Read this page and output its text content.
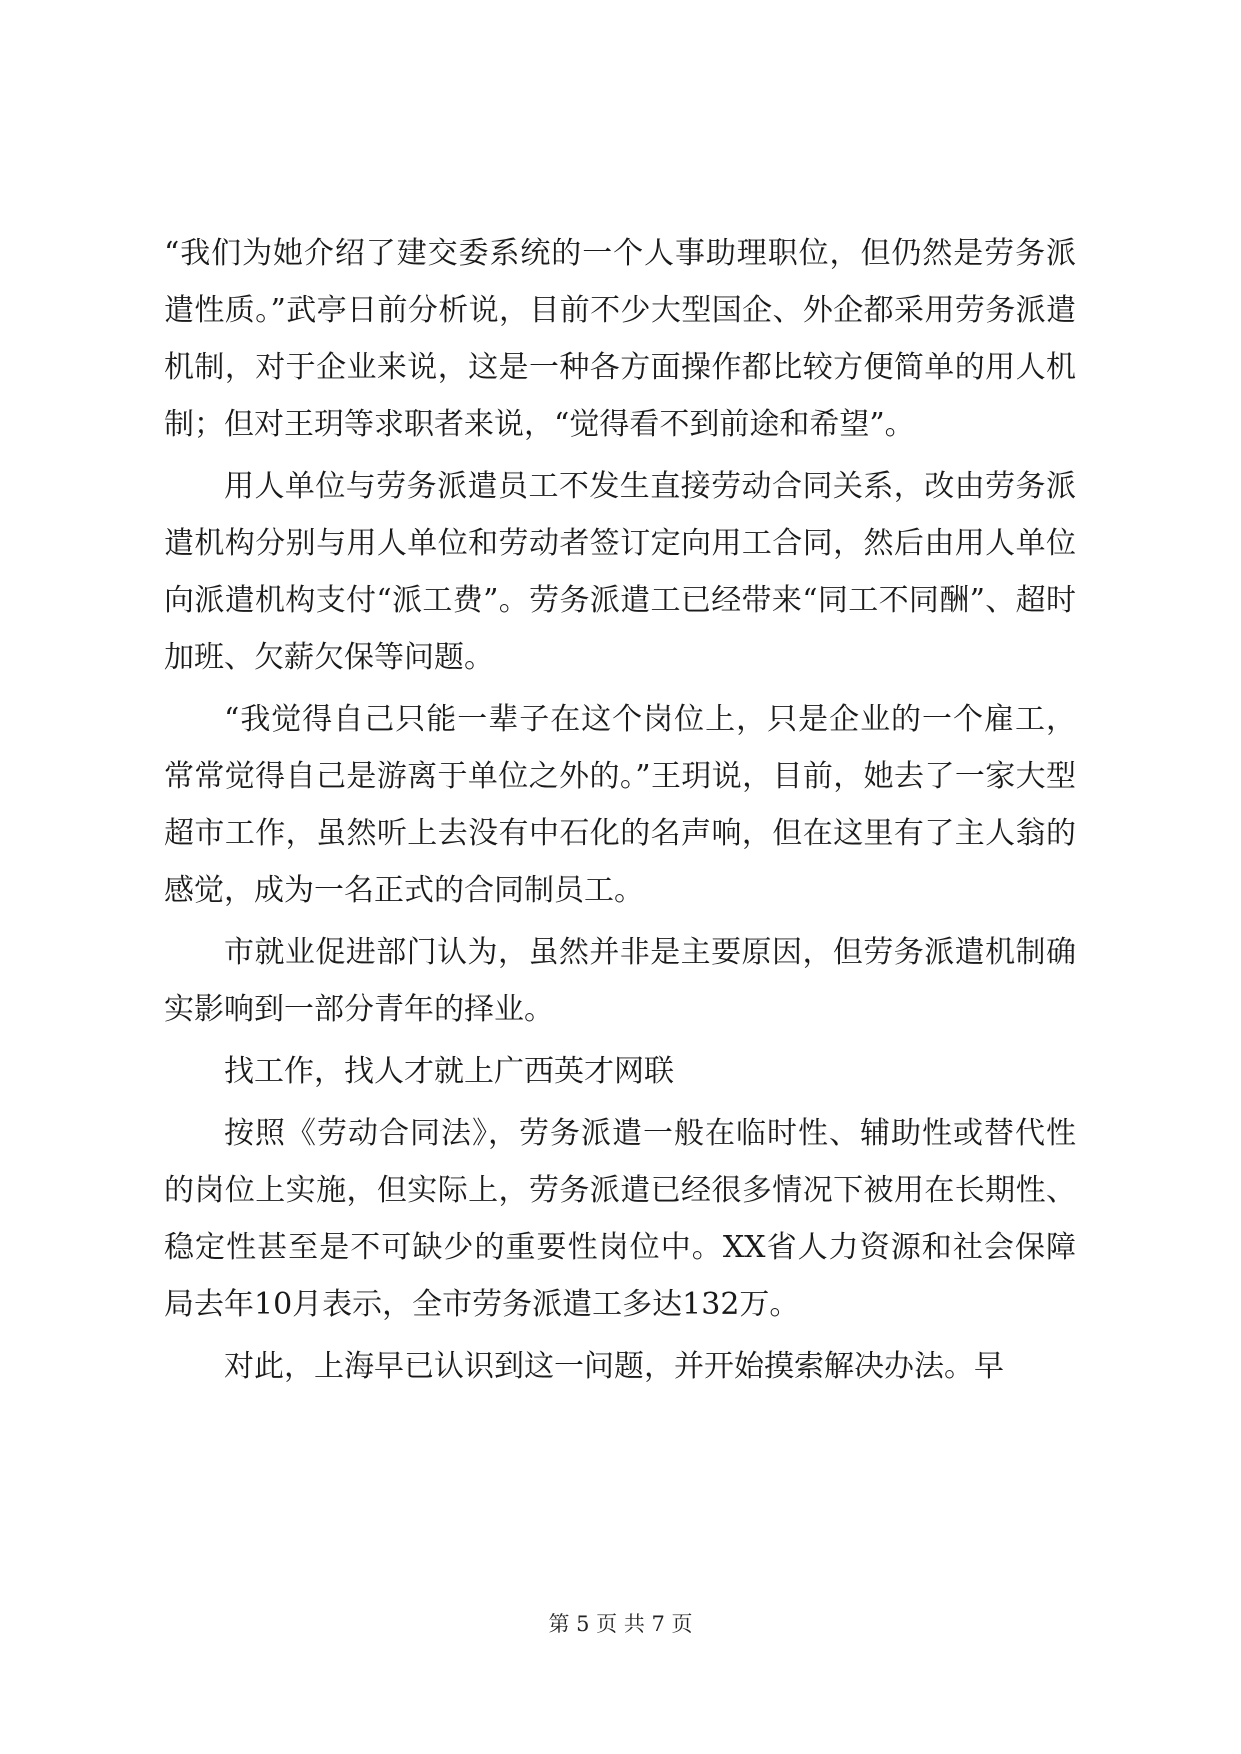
“我们为她介绍了建交委系统的一个人事助理职位，但仍然是劳务派遣性质。”武亭日前分析说，目前不少大型国企、外企都采用劳务派遣机制，对于企业来说，这是一种各方面操作都比较方便简单的用人机制；但对王玥等求职者来说，“觉得看不到前途和希望”。

用人单位与劳务派遣员工不发生直接劳动合同关系，改由劳务派遣机构分别与用人单位和劳动者签订定向用工合同，然后由用人单位向派遣机构支付“派工费”。劳务派遣工已经带来“同工不同酬”、超时加班、欠薪欠保等问题。

“我觉得自己只能一辈子在这个岗位上，只是企业的一个雇工，常常觉得自己是游离于单位之外的。”王玥说，目前，她去了一家大型超市工作，虽然听上去没有中石化的名声响，但在这里有了主人翁的感觉，成为一名正式的合同制员工。

市就业促进部门认为，虽然并非是主要原因，但劳务派遣机制确实影响到一部分青年的择业。

找工作，找人才就上广西英才网联

按照《劳动合同法》，劳务派遣一般在临时性、辅助性或替代性的岗位上实施，但实际上，劳务派遣已经很多情况下被用在长期性、稳定性甚至是不可缺少的重要性岗位中。XX省人力资源和社会保障局去年10月表示，全市劳务派遣工多达132万。

对此，上海早已认识到这一问题，并开始摸索解决办法。早

第 5 页 共 7 页
